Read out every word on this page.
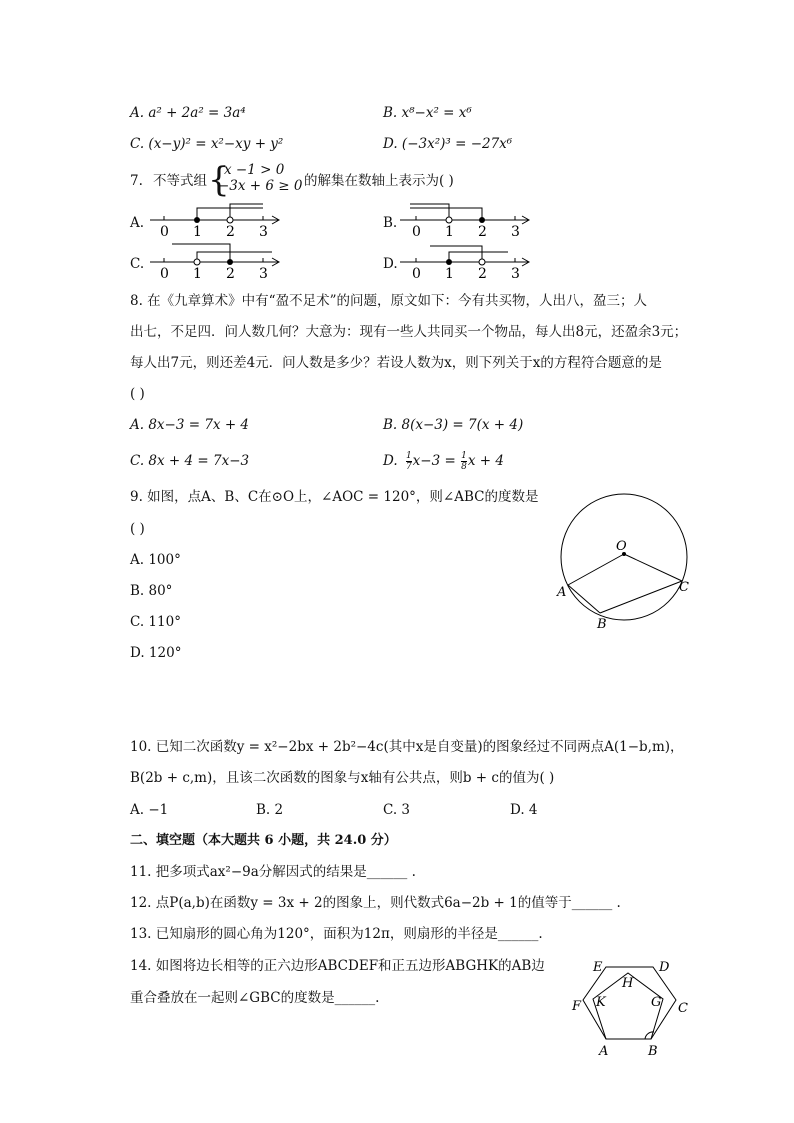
A. a² + 2a² = 3a⁴	B. x⁸−x² = x⁶
C. (x−y)² = x²−xy + y²	D. (−3x²)³ = −27x⁶
7. 不等式组 {
x −1 > 0
−3x + 6 ≥ 0 的解集在数轴上表示为( )
A.
0 1 2 3
B.
0 1 2 3
C.
0 1 2 3
D.
0 1 2 3
8. 在《九章算术》中有“盈不足术”的问题，原文如下：今有共买物，人出八，盈三；人
出七，不足四．问人数几何？大意为：现有一些人共同买一个物品，每人出8元，还盈余3元；
每人出7元，则还差4元．问人数是多少？若设人数为x，则下列关于x的方程符合题意的是
( )
A. 8x−3 = 7x + 4	B. 8(x−3) = 7(x + 4)
C. 8x + 4 = 7x−3	D. $\frac{1}{7} x-3 = \frac{1}{8}$ x + 4
9. 如图，点A、B、C在⊙O上，∠AOC = 120°，则∠ABC的度数是
( )
A. 100°
B. 80°
C. 110°
D. 120°
O
A
B
C
10. 已知二次函数y = x²−2bx + 2b²−4c(其中x是自变量)的图象经过不同两点A(1−b,m)，
B(2b + c,m)，且该二次函数的图象与x轴有公共点，则b + c的值为( )
A. −1	B. 2	C. 3	D. 4
二、填空题（本大题共 6 小题，共 24.0 分）
11. 把多项式ax²−9a分解因式的结果是______ .
12. 点P(a,b)在函数y = 3x + 2的图象上，则代数式6a−2b + 1的值等于______ .
13. 已知扇形的圆心角为120°，面积为12π，则扇形的半径是______.
14. 如图将边长相等的正六边形ABCDEF和正五边形ABGHK的AB边
重合叠放在一起则∠GBC的度数是______.
E	D
H
F K	G C
A	B
